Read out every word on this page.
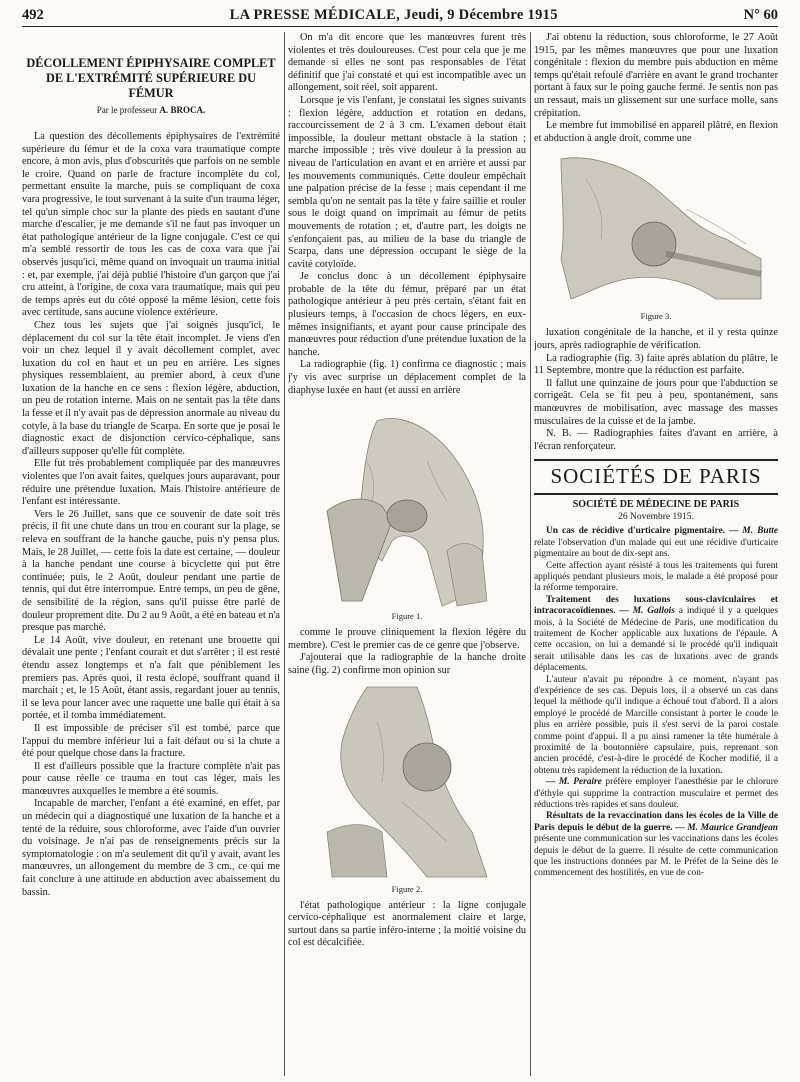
492	LA PRESSE MÉDICALE, Jeudi, 9 Décembre 1915	N° 60
DÉCOLLEMENT ÉPIPHYSAIRE COMPLET
DE L'EXTRÉMITÉ SUPÉRIEURE DU FÉMUR
Par le professeur A. BROCA.

La question des décollements épiphysaires de l'extrémité supérieure du fémur et de la coxa vara traumatique compte encore, à mon avis, plus d'obscurités que parfois on ne semble le croire. Quand on parle de fracture incomplète du col, permettant ensuite la marche, puis se compliquant de coxa vara progressive, le tout survenant à la suite d'un trauma léger, tel qu'un simple choc sur la plante des pieds en sautant d'une marche d'escalier, je me demande s'il ne faut pas invoquer un état pathologique antérieur de la ligne conjugale. C'est ce qui m'a semblé ressortir de tous les cas de coxa vara que j'ai observés jusqu'ici, même quand on invoquait un trauma initial : et, par exemple, j'ai déjà publié l'histoire d'un garçon que j'ai cru atteint, à l'origine, de coxa vara traumatique, mais qui peu de temps après eut du côté opposé la même lésion, cette fois avec certitude, sans aucune violence extérieure.

Chez tous les sujets que j'ai soignés jusqu'ici, le déplacement du col sur la tête était incomplet. Je viens d'en voir un chez lequel il y avait décollement complet, avec luxation du col en haut et un peu en arrière. Les signes physiques ressemblaient, au premier abord, à ceux d'une luxation de la hanche en ce sens : flexion légère, abduction, un peu de rotation interne. Mais on ne sentait pas la tête dans la fesse et il n'y avait pas de dépression anormale au niveau du cotyle, à la base du triangle de Scarpa. En sorte que je posai le diagnostic exact de disjonction cervico-céphalique, sans d'ailleurs supposer qu'elle fût complète.

Elle fut très probablement compliquée par des manœuvres violentes que l'on avait faites, quelques jours auparavant, pour réduire une prétendue luxation. Mais l'histoire antérieure de l'enfant est intéressante.

Vers le 26 Juillet, sans que ce souvenir de date soit très précis, il fit une chute dans un trou en courant sur la plage, se releva en souffrant de la hanche gauche, puis n'y pensa plus. Mais, le 28 Juillet, — cette fois la date est certaine, — douleur à la hanche pendant une course à bicyclette qui put être continuée; puis, le 2 Août, douleur pendant une partie de tennis, qui dut être interrompue. Entre temps, un peu de gêne, de sensibilité de la région, sans qu'il puisse être parlé de douleur proprement dite. Du 2 au 9 Août, a été en bateau et n'a presque pas marché.

Le 14 Août, vive douleur, en retenant une brouette qui dévalait une pente ; l'enfant courait et dut s'arrêter ; il est resté étendu assez longtemps et n'a fait que péniblement les premiers pas. Après quoi, il resta éclopé, souffrant quand il marchait ; et, le 15 Août, étant assis, regardant jouer au tennis, il se leva pour lancer avec une raquette une balle qui était à sa portée, et il tomba immédiatement.

Il est impossible de préciser s'il est tombé, parce que l'appui du membre inférieur lui a fait défaut ou si la chute a été pour quelque chose dans la fracture.

Il est d'ailleurs possible que la fracture complète n'ait pas pour cause réelle ce trauma en tout cas léger, mais les manœuvres auxquelles le membre a été soumis.

Incapable de marcher, l'enfant a été examiné, en effet, par un médecin qui a diagnostiqué une luxation de la hanche et a tenté de la réduire, sous chloroforme, avec l'aide d'un ouvrier du voisinage. Je n'ai pas de renseignements précis sur la symptomatologie : on m'a seulement dit qu'il y avait, avant les manœuvres, un allongement du membre de 3 cm., ce qui me fait conclure à une attitude en abduction avec abaissement du bassin.

On m'a dit encore que les manœuvres furent très violentes et très douloureuses. C'est pour cela que je me demande si elles ne sont pas responsables de l'état définitif que j'ai constaté et qui est incompatible avec un allongement, soit réel, soit apparent.

Lorsque je vis l'enfant, je constatai les signes suivants : flexion légère, adduction et rotation en dedans, raccourcissement de 2 à 3 cm. L'examen debout était impossible, la douleur mettant obstacle à la station ; marche impossible ; très vive douleur à la pression au niveau de l'articulation en avant et en arrière et aussi par les mouvements communiqués. Cette douleur empêchait une palpation précise de la fesse ; mais cependant il me sembla qu'on ne sentait pas la tête y faire saillie et rouler sous le doigt quand on imprimait au fémur de petits mouvements de rotation ; et, d'autre part, les doigts ne s'enfonçaient pas, au milieu de la base du triangle de Scarpa, dans une dépression occupant le siège de la cavité cotyloïde.

Je conclus donc à un décollement épiphysaire probable de la tête du fémur, préparé par un état pathologique antérieur à peu près certain, s'étant fait en plusieurs temps, à l'occasion de chocs légers, en eux-mêmes insignifiants, et ayant pour cause principale des manœuvres pour réduction d'une prétendue luxation de la hanche.

La radiographie (fig. 1) confirma ce diagnostic ; mais j'y vis avec surprise un déplacement complet de la diaphyse luxée en haut (et aussi en arrière

Figure 1.

comme le prouve cliniquement la flexion légère du membre). C'est le premier cas de ce genre que j'observe.

J'ajouterai que la radiographie de la hanche droite saine (fig. 2) confirme mon opinion sur

Figure 2.

l'état pathologique antérieur : la ligne conjugale cervico-céphalique est anormalement claire et large, surtout dans sa partie inféro-interne ; la moitié voisine du col est décalcifiée.

J'ai obtenu la réduction, sous chloroforme, le 27 Août 1915, par les mêmes manœuvres que pour une luxation congénitale : flexion du membre puis abduction en même temps qu'était refoulé d'arrière en avant le grand trochanter portant à faux sur le poing gauche fermé. Je sentis non pas un ressaut, mais un glissement sur une surface molle, sans crépitation.

Le membre fut immobilisé en appareil plâtré, en flexion et abduction à angle droit, comme une

Figure 3.

luxation congénitale de la hanche, et il y resta quinze jours, après radiographie de vérification.

La radiographie (fig. 3) faite après ablation du plâtre, le 11 Septembre, montre que la réduction est parfaite.

Il fallut une quinzaine de jours pour que l'abduction se corrigeât. Cela se fit peu à peu, spontanément, sans manœuvres de mobilisation, avec massage des masses musculaires de la cuisse et de la jambe.

N. B. — Radiographies faites d'avant en arrière, à l'écran renforçateur.

SOCIÉTÉS DE PARIS
SOCIÉTÉ DE MÉDECINE DE PARIS
26 Novembre 1915.

Un cas de récidive d'urticaire pigmentaire. — M. Butte relate l'observation d'un malade qui eut une récidive d'urticaire pigmentaire au bout de dix-sept ans.

Cette affection ayant résisté à tous les traitements qui furent appliqués pendant plusieurs mois, le malade a été proposé pour la réforme temporaire.

Traitement des luxations sous-claviculaires et intracoracoïdiennes. — M. Gallois a indiqué il y a quelques mois, à la Société de Médecine de Paris, une modification du traitement de Kocher applicable aux luxations de l'épaule. A cette occasion, on lui a demandé si le procédé qu'il indiquait serait utilisable dans les cas de luxations avec de grands déplacements.

L'auteur n'avait pu répondre à ce moment, n'ayant pas d'expérience de ses cas. Depuis lors, il a observé un cas dans lequel la méthode qu'il indique a échoué tout d'abord. Il a alors employé le procédé de Marcille consistant à porter le coude le plus en arrière possible, puis il s'est servi de la paroi costale comme point d'appui. Il a pu ainsi ramener la tête humérale à proximité de la boutonnière capsulaire, puis, reprenant son ancien procédé, c'est-à-dire le procédé de Kocher modifié, il a obtenu très rapidement la réduction de la luxation.

— M. Peraire préfère employer l'anesthésie par le chlorure d'éthyle qui supprime la contraction musculaire et permet des réductions très rapides et sans douleur.

Résultats de la revaccination dans les écoles de la Ville de Paris depuis le début de la guerre. — M. Maurice Grandjean présente une communication sur les vaccinations dans les écoles depuis le début de la guerre. Il résulte de cette communication que les instructions données par M. le Préfet de la Seine dès le commencement des hostilités, en vue de con-
